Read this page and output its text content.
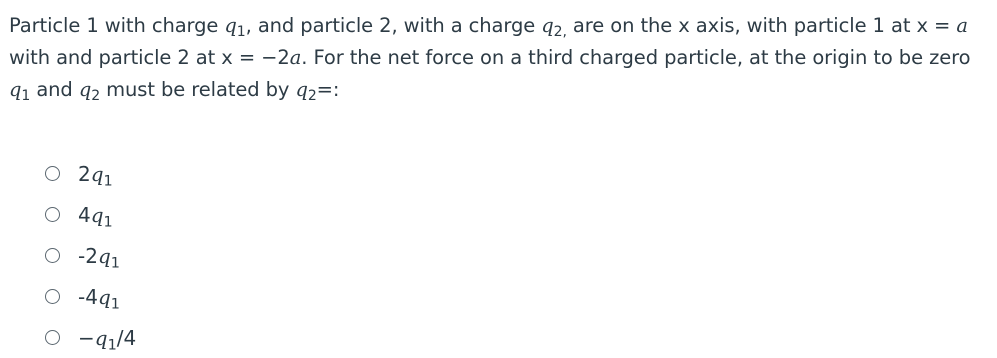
Particle 1 with charge $q_1$, and particle 2, with a charge $q_{2,}$ are on the x axis, with particle 1 at x = a with and particle 2 at x = −2a. For the net force on a third charged particle, at the origin to be zero $q_1$ and $q_2$ must be related by $q_2=$:
$2q_1$
$4q_1$
$-2q_1$
$-4q_1$
$-q_1/4$
